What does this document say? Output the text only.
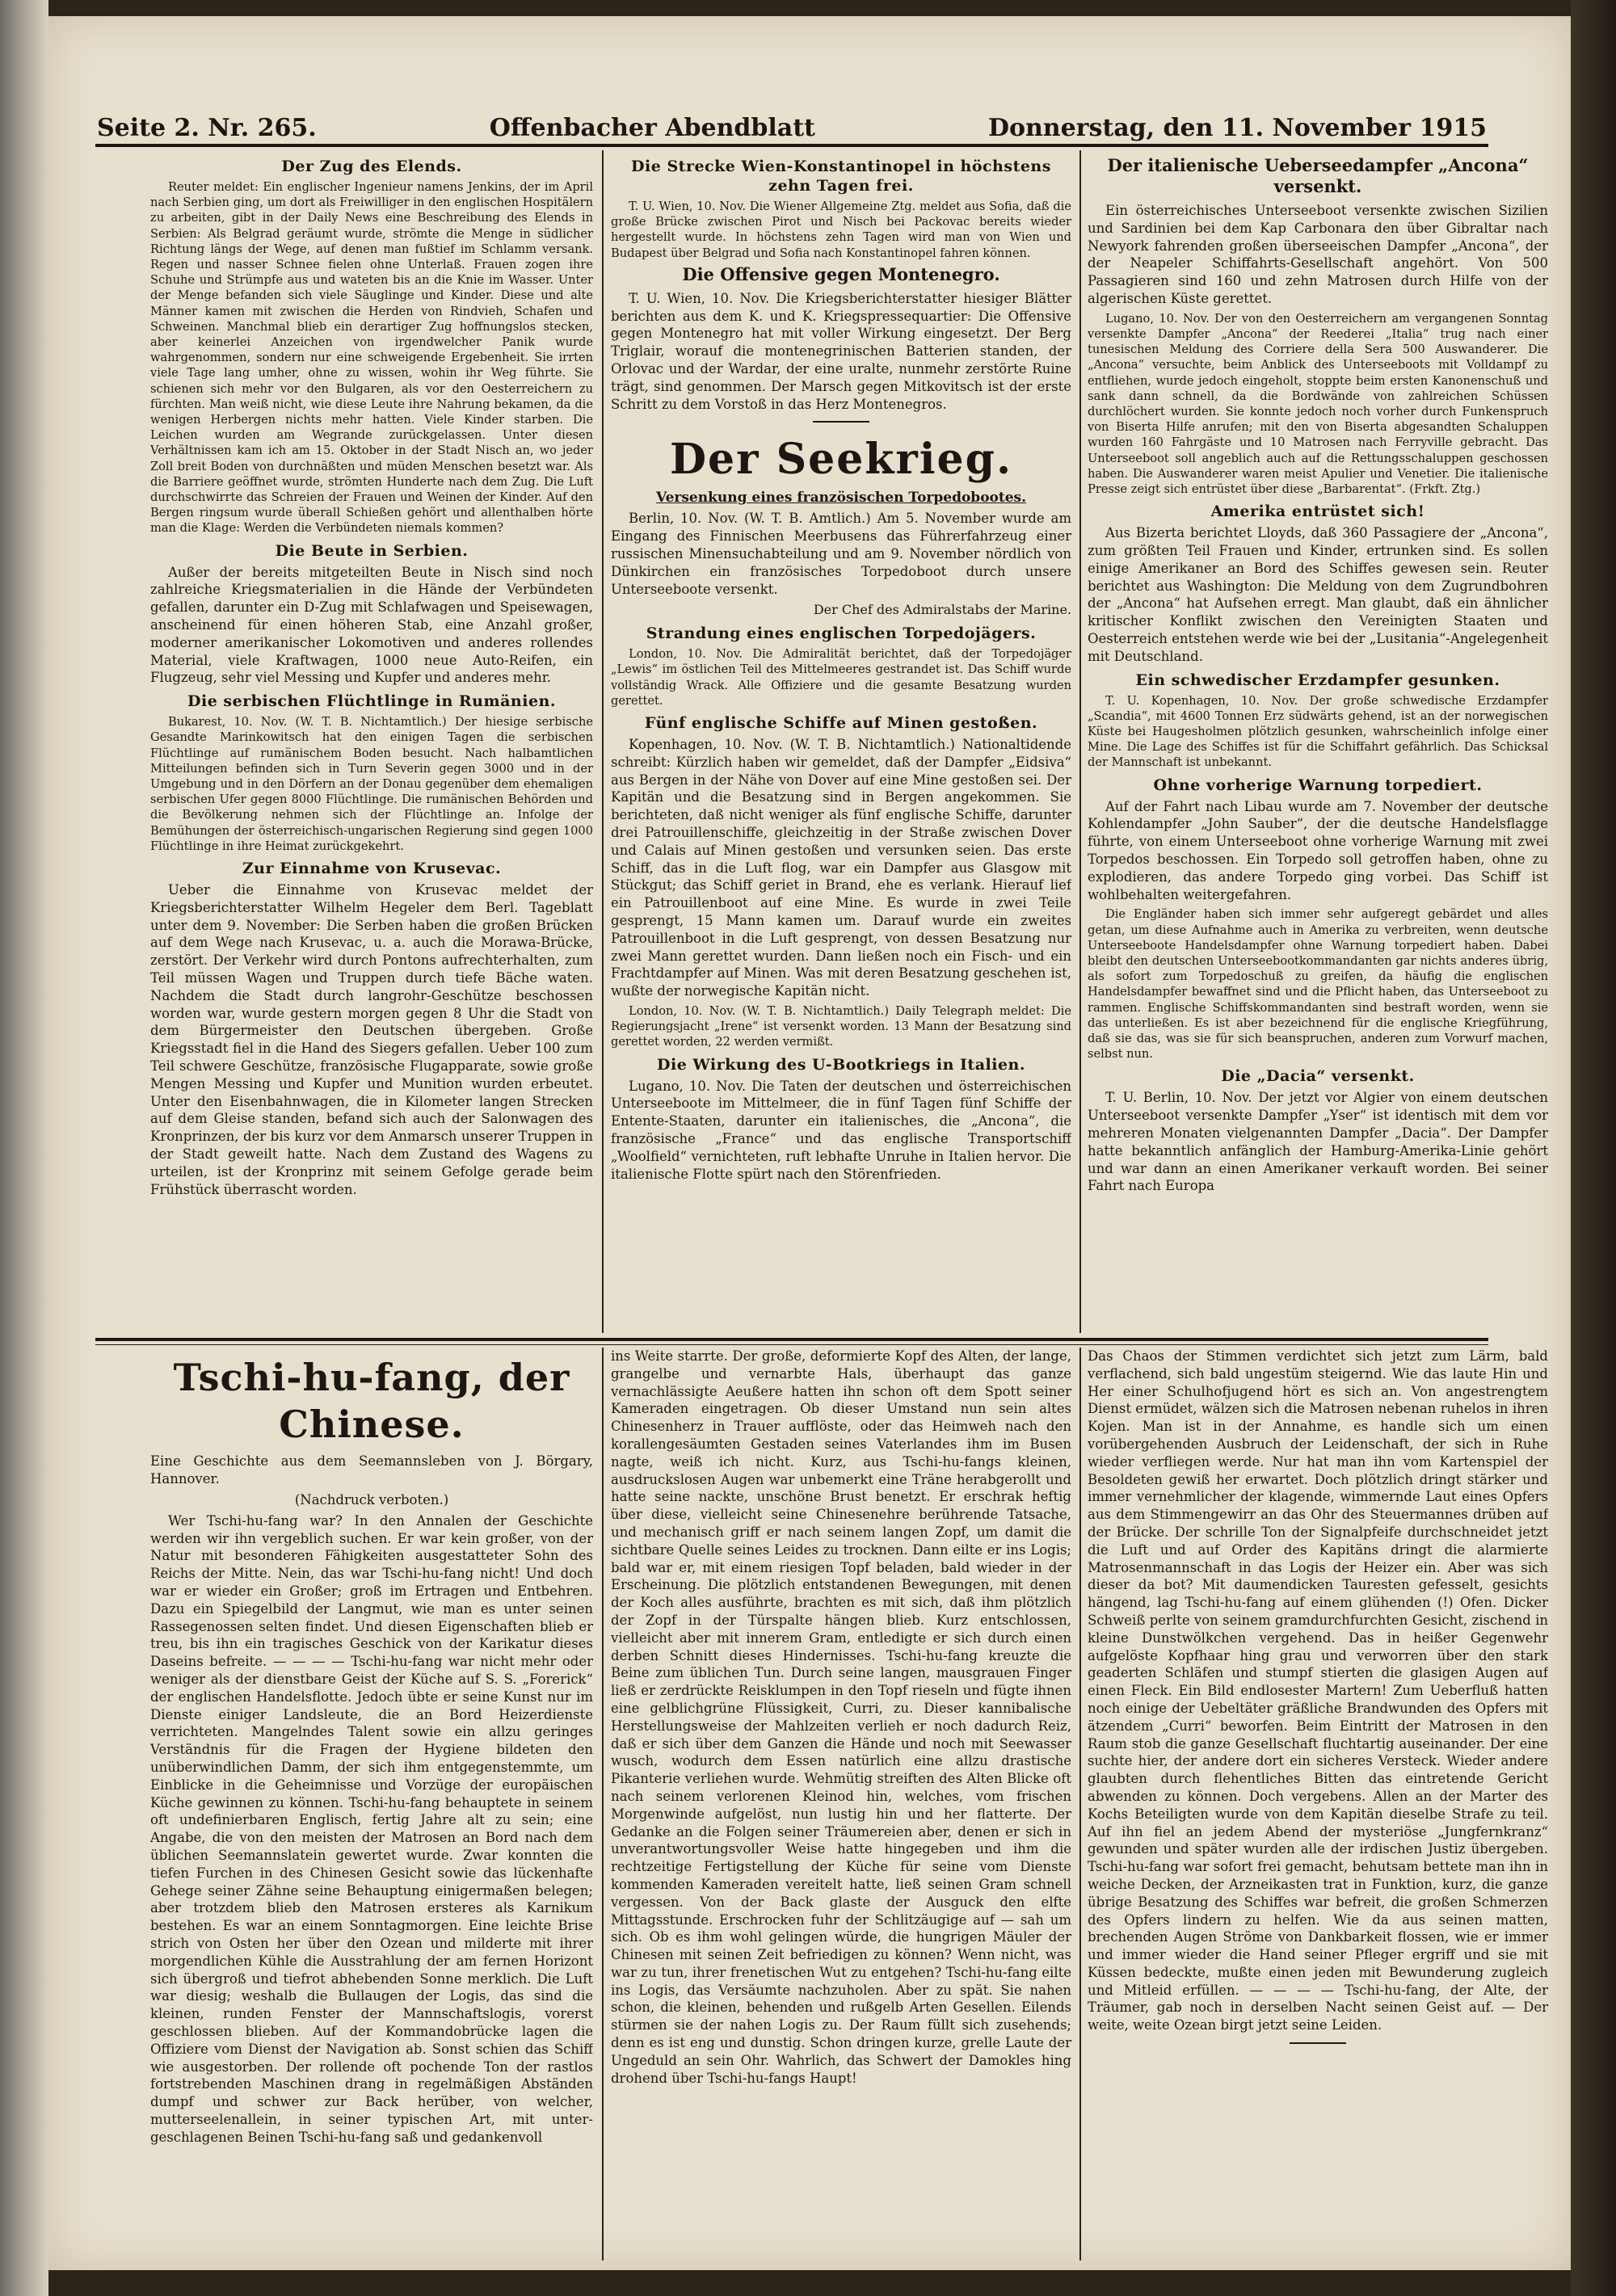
Seite 2. Nr. 265.	Offenbacher Abendblatt	Donnerstag, den 11. November 1915
Der Zug des Elends.

Reuter meldet: Ein englischer Ingenieur namens Jenkins, der im April nach Serbien ging, um dort als Freiwilliger in den englischen Hospitälern zu arbeiten, gibt in der Daily News eine Beschreibung des Elends in Serbien: Als Belgrad geräumt wurde, strömte die Menge in südlicher Richtung längs der Wege, auf denen man fußtief im Schlamm versank. Regen und nasser Schnee fielen ohne Unterlaß. Frauen zogen ihre Schuhe und Strümpfe aus und wateten bis an die Knie im Wasser. Unter der Menge befanden sich viele Säuglinge und Kinder. Diese und alte Männer kamen mit zwischen die Herden von Rindvieh, Schafen und Schweinen. Manchmal blieb ein derartiger Zug hoffnungslos stecken, aber keinerlei Anzeichen von irgendwelcher Panik wurde wahrgenommen, sondern nur eine schweigende Ergebenheit. Sie irrten viele Tage lang umher, ohne zu wissen, wohin ihr Weg führte. Sie schienen sich mehr vor den Bulgaren, als vor den Oesterreichern zu fürchten. Man weiß nicht, wie diese Leute ihre Nahrung bekamen, da die wenigen Herbergen nichts mehr hatten. Viele Kinder starben. Die Leichen wurden am Wegrande zurückgelassen. Unter diesen Verhältnissen kam ich am 15. Oktober in der Stadt Nisch an, wo jeder Zoll breit Boden von durchnäßten und müden Menschen besetzt war. Als die Barriere geöffnet wurde, strömten Hunderte nach dem Zug. Die Luft durchschwirrte das Schreien der Frauen und Weinen der Kinder. Auf den Bergen ringsum wurde überall Schießen gehört und allenthalben hörte man die Klage: Werden die Verbündeten niemals kommen?

Die Beute in Serbien.

Außer der bereits mitgeteilten Beute in Nisch sind noch zahlreiche Kriegsmaterialien in die Hände der Verbündeten gefallen, darunter ein D-Zug mit Schlafwagen und Speisewagen, anscheinend für einen höheren Stab, eine Anzahl großer, moderner amerikanischer Lokomotiven und anderes rollendes Material, viele Kraftwagen, 1000 neue Auto-Reifen, ein Flugzeug, sehr viel Messing und Kupfer und anderes mehr.

Die serbischen Flüchtlinge in Rumänien.

Bukarest, 10. Nov. (W. T. B. Nichtamtlich.) Der hiesige serbische Gesandte Marinkowitsch hat den einigen Tagen die serbischen Flüchtlinge auf rumänischem Boden besucht. Nach halbamtlichen Mitteilungen befinden sich in Turn Severin gegen 3000 und in der Umgebung und in den Dörfern an der Donau gegenüber dem ehemaligen serbischen Ufer gegen 8000 Flüchtlinge. Die rumänischen Behörden und die Bevölkerung nehmen sich der Flüchtlinge an. Infolge der Bemühungen der österreichisch-ungarischen Regierung sind gegen 1000 Flüchtlinge in ihre Heimat zurückgekehrt.

Zur Einnahme von Krusevac.

Ueber die Einnahme von Krusevac meldet der Kriegsberichterstatter Wilhelm Hegeler dem Berl. Tageblatt unter dem 9. November: Die Serben haben die großen Brücken auf dem Wege nach Krusevac, u. a. auch die Morawa-Brücke, zerstört. Der Verkehr wird durch Pontons aufrechterhalten, zum Teil müssen Wagen und Truppen durch tiefe Bäche waten. Nachdem die Stadt durch langrohr-Geschütze beschossen worden war, wurde gestern morgen gegen 8 Uhr die Stadt von dem Bürgermeister den Deutschen übergeben. Große Kriegsstadt fiel in die Hand des Siegers gefallen. Ueber 100 zum Teil schwere Geschütze, französische Flugapparate, sowie große Mengen Messing und Kupfer und Munition wurden erbeutet. Unter den Eisenbahnwagen, die in Kilometer langen Strecken auf dem Gleise standen, befand sich auch der Salonwagen des Kronprinzen, der bis kurz vor dem Anmarsch unserer Truppen in der Stadt geweilt hatte. Nach dem Zustand des Wagens zu urteilen, ist der Kronprinz mit seinem Gefolge gerade beim Frühstück überrascht worden.

Die Strecke Wien-Konstantinopel in höchstens zehn Tagen frei.

T. U. Wien, 10. Nov. Die Wiener Allgemeine Ztg. meldet aus Sofia, daß die große Brücke zwischen Pirot und Nisch bei Packovac bereits wieder hergestellt wurde. In höchstens zehn Tagen wird man von Wien und Budapest über Belgrad und Sofia nach Konstantinopel fahren können.

Die Offensive gegen Montenegro.

T. U. Wien, 10. Nov. Die Kriegsberichterstatter hiesiger Blätter berichten aus dem K. und K. Kriegspressequartier: Die Offensive gegen Montenegro hat mit voller Wirkung eingesetzt. Der Berg Triglair, worauf die montenegrinischen Batterien standen, der Orlovac und der Wardar, der eine uralte, nunmehr zerstörte Ruine trägt, sind genommen. Der Marsch gegen Mitkovitsch ist der erste Schritt zu dem Vorstoß in das Herz Montenegros.

Der Seekrieg.
Versenkung eines französischen Torpedobootes.

Berlin, 10. Nov. (W. T. B. Amtlich.) Am 5. November wurde am Eingang des Finnischen Meerbusens das Führerfahrzeug einer russischen Minensuchabteilung und am 9. November nördlich von Dünkirchen ein französisches Torpedoboot durch unsere Unterseeboote versenkt.

Der Chef des Admiralstabs der Marine.
Strandung eines englischen Torpedojägers.

London, 10. Nov. Die Admiralität berichtet, daß der Torpedojäger „Lewis“ im östlichen Teil des Mittelmeeres gestrandet ist. Das Schiff wurde vollständig Wrack. Alle Offiziere und die gesamte Besatzung wurden gerettet.

Fünf englische Schiffe auf Minen gestoßen.

Kopenhagen, 10. Nov. (W. T. B. Nichtamtlich.) Nationaltidende schreibt: Kürzlich haben wir gemeldet, daß der Dampfer „Eidsiva“ aus Bergen in der Nähe von Dover auf eine Mine gestoßen sei. Der Kapitän und die Besatzung sind in Bergen angekommen. Sie berichteten, daß nicht weniger als fünf englische Schiffe, darunter drei Patrouillenschiffe, gleichzeitig in der Straße zwischen Dover und Calais auf Minen gestoßen und versunken seien. Das erste Schiff, das in die Luft flog, war ein Dampfer aus Glasgow mit Stückgut; das Schiff geriet in Brand, ehe es verlank. Hierauf lief ein Patrouillenboot auf eine Mine. Es wurde in zwei Teile gesprengt, 15 Mann kamen um. Darauf wurde ein zweites Patrouillenboot in die Luft gesprengt, von dessen Besatzung nur zwei Mann gerettet wurden. Dann ließen noch ein Fisch- und ein Frachtdampfer auf Minen. Was mit deren Besatzung geschehen ist, wußte der norwegische Kapitän nicht.

London, 10. Nov. (W. T. B. Nichtamtlich.) Daily Telegraph meldet: Die Regierungsjacht „Irene“ ist versenkt worden. 13 Mann der Besatzung sind gerettet worden, 22 werden vermißt.

Die Wirkung des U-Bootkriegs in Italien.

Lugano, 10. Nov. Die Taten der deutschen und österreichischen Unterseeboote im Mittelmeer, die in fünf Tagen fünf Schiffe der Entente-Staaten, darunter ein italienisches, die „Ancona“, die französische „France“ und das englische Transportschiff „Woolfield“ vernichteten, ruft lebhafte Unruhe in Italien hervor. Die italienische Flotte spürt nach den Störenfrieden.

Der italienische Ueberseedampfer „Ancona“ versenkt.

Ein österreichisches Unterseeboot versenkte zwischen Sizilien und Sardinien bei dem Kap Carbonara den über Gibraltar nach Newyork fahrenden großen überseeischen Dampfer „Ancona“, der der Neapeler Schiffahrts-Gesellschaft angehört. Von 500 Passagieren sind 160 und zehn Matrosen durch Hilfe von der algerischen Küste gerettet.

Lugano, 10. Nov. Der von den Oesterreichern am vergangenen Sonntag versenkte Dampfer „Ancona“ der Reederei „Italia“ trug nach einer tunesischen Meldung des Corriere della Sera 500 Auswanderer. Die „Ancona“ versuchte, beim Anblick des Unterseeboots mit Volldampf zu entfliehen, wurde jedoch eingeholt, stoppte beim ersten Kanonenschuß und sank dann schnell, da die Bordwände von zahlreichen Schüssen durchlöchert wurden. Sie konnte jedoch noch vorher durch Funkenspruch von Biserta Hilfe anrufen; mit den von Biserta abgesandten Schaluppen wurden 160 Fahrgäste und 10 Matrosen nach Ferryville gebracht. Das Unterseeboot soll angeblich auch auf die Rettungsschaluppen geschossen haben. Die Auswanderer waren meist Apulier und Venetier. Die italienische Presse zeigt sich entrüstet über diese „Barbarentat“. (Frkft. Ztg.)

Amerika entrüstet sich!

Aus Bizerta berichtet Lloyds, daß 360 Passagiere der „Ancona“, zum größten Teil Frauen und Kinder, ertrunken sind. Es sollen einige Amerikaner an Bord des Schiffes gewesen sein. Reuter berichtet aus Washington: Die Meldung von dem Zugrundbohren der „Ancona“ hat Aufsehen erregt. Man glaubt, daß ein ähnlicher kritischer Konflikt zwischen den Vereinigten Staaten und Oesterreich entstehen werde wie bei der „Lusitania“-Angelegenheit mit Deutschland.

Ein schwedischer Erzdampfer gesunken.

T. U. Kopenhagen, 10. Nov. Der große schwedische Erzdampfer „Scandia“, mit 4600 Tonnen Erz südwärts gehend, ist an der norwegischen Küste bei Haugesholmen plötzlich gesunken, wahrscheinlich infolge einer Mine. Die Lage des Schiffes ist für die Schiffahrt gefährlich. Das Schicksal der Mannschaft ist unbekannt.

Ohne vorherige Warnung torpediert.

Auf der Fahrt nach Libau wurde am 7. November der deutsche Kohlendampfer „John Sauber“, der die deutsche Handelsflagge führte, von einem Unterseeboot ohne vorherige Warnung mit zwei Torpedos beschossen. Ein Torpedo soll getroffen haben, ohne zu explodieren, das andere Torpedo ging vorbei. Das Schiff ist wohlbehalten weitergefahren.

Die Engländer haben sich immer sehr aufgeregt gebärdet und alles getan, um diese Aufnahme auch in Amerika zu verbreiten, wenn deutsche Unterseeboote Handelsdampfer ohne Warnung torpediert haben. Dabei bleibt den deutschen Unterseebootkommandanten gar nichts anderes übrig, als sofort zum Torpedoschuß zu greifen, da häufig die englischen Handelsdampfer bewaffnet sind und die Pflicht haben, das Unterseeboot zu rammen. Englische Schiffskommandanten sind bestraft worden, wenn sie das unterließen. Es ist aber bezeichnend für die englische Kriegführung, daß sie das, was sie für sich beanspruchen, anderen zum Vorwurf machen, selbst nun.

Die „Dacia“ versenkt.

T. U. Berlin, 10. Nov. Der jetzt vor Algier von einem deutschen Unterseeboot versenkte Dampfer „Yser“ ist identisch mit dem vor mehreren Monaten vielgenannten Dampfer „Dacia“. Der Dampfer hatte bekanntlich anfänglich der Hamburg-Amerika-Linie gehört und war dann an einen Amerikaner verkauft worden. Bei seiner Fahrt nach Europa

Tschi-hu-fang, der Chinese.

Eine Geschichte aus dem Seemannsleben von J. Börgary, Hannover.

(Nachdruck verboten.)

Wer Tschi-hu-fang war? In den Annalen der Geschichte werden wir ihn vergeblich suchen. Er war kein großer, von der Natur mit besonderen Fähigkeiten ausgestatteter Sohn des Reichs der Mitte. Nein, das war Tschi-hu-fang nicht! Und doch war er wieder ein Großer; groß im Ertragen und Entbehren. Dazu ein Spiegelbild der Langmut, wie man es unter seinen Rassegenossen selten findet. Und diesen Eigenschaften blieb er treu, bis ihn ein tragisches Geschick von der Karikatur dieses Daseins befreite. — — — — Tschi-hu-fang war nicht mehr oder weniger als der dienstbare Geist der Küche auf S. S. „Forerick“ der englischen Handelsflotte. Jedoch übte er seine Kunst nur im Dienste einiger Landsleute, die an Bord Heizerdienste verrichteten. Mangelndes Talent sowie ein allzu geringes Verständnis für die Fragen der Hygiene bildeten den unüberwindlichen Damm, der sich ihm entgegenstemmte, um Einblicke in die Geheimnisse und Vorzüge der europäischen Küche gewinnen zu können. Tschi-hu-fang behauptete in seinem oft undefinierbaren Englisch, fertig Jahre alt zu sein; eine Angabe, die von den meisten der Matrosen an Bord nach dem üblichen Seemannslatein gewertet wurde. Zwar konnten die tiefen Furchen in des Chinesen Gesicht sowie das lückenhafte Gehege seiner Zähne seine Behauptung einigermaßen belegen; aber trotzdem blieb den Matrosen ersteres als Karnikum bestehen. Es war an einem Sonntagmorgen. Eine leichte Brise strich von Osten her über den Ozean und milderte mit ihrer morgendlichen Kühle die Ausstrahlung der am fernen Horizont sich übergroß und tiefrot abhebenden Sonne merklich. Die Luft war diesig; weshalb die Bullaugen der Logis, das sind die kleinen, runden Fenster der Mannschaftslogis, vorerst geschlossen blieben. Auf der Kommandobrücke lagen die Offiziere vom Dienst der Navigation ab. Sonst schien das Schiff wie ausgestorben. Der rollende oft pochende Ton der rastlos fortstrebenden Maschinen drang in regelmäßigen Abständen dumpf und schwer zur Back herüber, von welcher, mutterseelenallein, in seiner typischen Art, mit unter- geschlagenen Beinen Tschi-hu-fang saß und gedankenvoll

ins Weite starrte. Der große, deformierte Kopf des Alten, der lange, grangelbe und vernarbte Hals, überhaupt das ganze vernachlässigte Aeußere hatten ihn schon oft dem Spott seiner Kameraden eingetragen. Ob dieser Umstand nun sein altes Chinesenherz in Trauer aufflöste, oder das Heimweh nach den korallengesäumten Gestaden seines Vaterlandes ihm im Busen nagte, weiß ich nicht. Kurz, aus Tschi-hu-fangs kleinen, ausdruckslosen Augen war unbemerkt eine Träne herabgerollt und hatte seine nackte, unschöne Brust benetzt. Er erschrak heftig über diese, vielleicht seine Chinesenehre berührende Tatsache, und mechanisch griff er nach seinem langen Zopf, um damit die sichtbare Quelle seines Leides zu trocknen. Dann eilte er ins Logis; bald war er, mit einem riesigen Topf beladen, bald wieder in der Erscheinung. Die plötzlich entstandenen Bewegungen, mit denen der Koch alles ausführte, brachten es mit sich, daß ihm plötzlich der Zopf in der Türspalte hängen blieb. Kurz entschlossen, vielleicht aber mit innerem Gram, entledigte er sich durch einen derben Schnitt dieses Hindernisses. Tschi-hu-fang kreuzte die Beine zum üblichen Tun. Durch seine langen, mausgrauen Finger ließ er zerdrückte Reisklumpen in den Topf rieseln und fügte ihnen eine gelblichgrüne Flüssigkeit, Curri, zu. Dieser kannibalische Herstellungsweise der Mahlzeiten verlieh er noch dadurch Reiz, daß er sich über dem Ganzen die Hände und noch mit Seewasser wusch, wodurch dem Essen natürlich eine allzu drastische Pikanterie verliehen wurde. Wehmütig streiften des Alten Blicke oft nach seinem verlorenen Kleinod hin, welches, vom frischen Morgenwinde aufgelöst, nun lustig hin und her flatterte. Der Gedanke an die Folgen seiner Träumereien aber, denen er sich in unverantwortungsvoller Weise hatte hingegeben und ihm die rechtzeitige Fertigstellung der Küche für seine vom Dienste kommenden Kameraden vereitelt hatte, ließ seinen Gram schnell vergessen. Von der Back glaste der Ausguck den elfte Mittagsstunde. Erschrocken fuhr der Schlitzäugige auf — sah um sich. Ob es ihm wohl gelingen würde, die hungrigen Mäuler der Chinesen mit seinen Zeit befriedigen zu können? Wenn nicht, was war zu tun, ihrer frenetischen Wut zu entgehen? Tschi-hu-fang eilte ins Logis, das Versäumte nachzuholen. Aber zu spät. Sie nahen schon, die kleinen, behenden und rußgelb Arten Gesellen. Eilends stürmen sie der nahen Logis zu. Der Raum füllt sich zusehends; denn es ist eng und dunstig. Schon dringen kurze, grelle Laute der Ungeduld an sein Ohr. Wahrlich, das Schwert der Damokles hing drohend über Tschi-hu-fangs Haupt!

Das Chaos der Stimmen verdichtet sich jetzt zum Lärm, bald verflachend, sich bald ungestüm steigernd. Wie das laute Hin und Her einer Schulhofjugend hört es sich an. Von angestrengtem Dienst ermüdet, wälzen sich die Matrosen nebenan ruhelos in ihren Kojen. Man ist in der Annahme, es handle sich um einen vorübergehenden Ausbruch der Leidenschaft, der sich in Ruhe wieder verfliegen werde. Nur hat man ihn vom Kartenspiel der Besoldeten gewiß her erwartet. Doch plötzlich dringt stärker und immer vernehmlicher der klagende, wimmernde Laut eines Opfers aus dem Stimmengewirr an das Ohr des Steuermannes drüben auf der Brücke. Der schrille Ton der Signalpfeife durchschneidet jetzt die Luft und auf Order des Kapitäns dringt die alarmierte Matrosenmannschaft in das Logis der Heizer ein. Aber was sich dieser da bot? Mit daumendicken Tauresten gefesselt, gesichts hängend, lag Tschi-hu-fang auf einem glühenden (!) Ofen. Dicker Schweiß perlte von seinem gramdurchfurchten Gesicht, zischend in kleine Dunstwölkchen vergehend. Das in heißer Gegenwehr aufgelöste Kopfhaar hing grau und verworren über den stark geaderten Schläfen und stumpf stierten die glasigen Augen auf einen Fleck. Ein Bild endlosester Martern! Zum Ueberfluß hatten noch einige der Uebeltäter gräßliche Brandwunden des Opfers mit ätzendem „Curri“ beworfen. Beim Eintritt der Matrosen in den Raum stob die ganze Gesellschaft fluchtartig auseinander. Der eine suchte hier, der andere dort ein sicheres Versteck. Wieder andere glaubten durch flehentliches Bitten das eintretende Gericht abwenden zu können. Doch vergebens. Allen an der Marter des Kochs Beteiligten wurde von dem Kapitän dieselbe Strafe zu teil. Auf ihn fiel an jedem Abend der mysteriöse „Jungfernkranz“ gewunden und später wurden alle der irdischen Justiz übergeben. Tschi-hu-fang war sofort frei gemacht, behutsam bettete man ihn in weiche Decken, der Arzneikasten trat in Funktion, kurz, die ganze übrige Besatzung des Schiffes war befreit, die großen Schmerzen des Opfers lindern zu helfen. Wie da aus seinen matten, brechenden Augen Ströme von Dankbarkeit flossen, wie er immer und immer wieder die Hand seiner Pfleger ergriff und sie mit Küssen bedeckte, mußte einen jeden mit Bewunderung zugleich und Mitleid erfüllen. — — — — Tschi-hu-fang, der Alte, der Träumer, gab noch in derselben Nacht seinen Geist auf. — Der weite, weite Ozean birgt jetzt seine Leiden.
